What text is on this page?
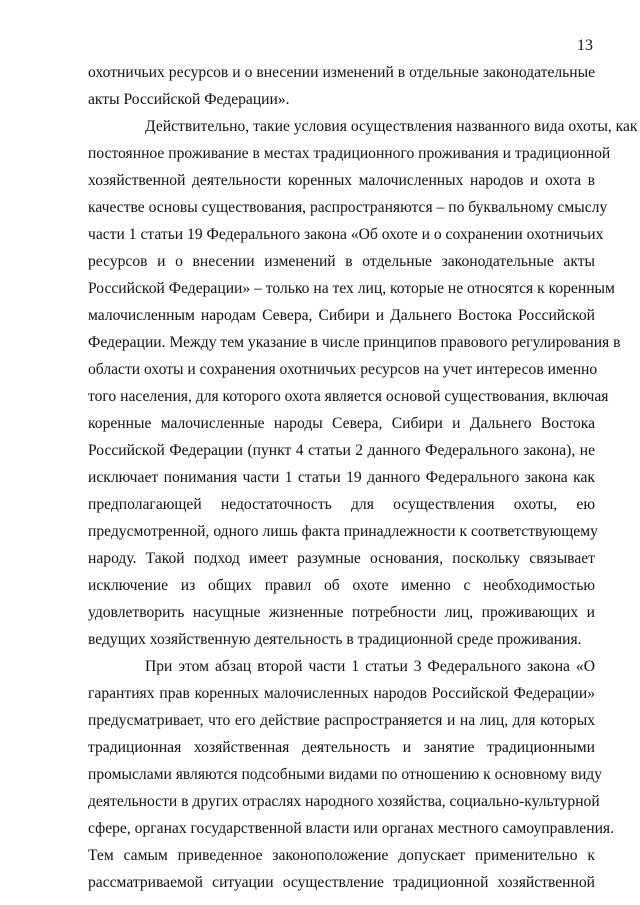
13
охотничьих ресурсов и о внесении изменений в отдельные законодательные
акты Российской Федерации».
Действительно, такие условия осуществления названного вида охоты, как
постоянное проживание в местах традиционного проживания и традиционной
хозяйственной деятельности коренных малочисленных народов и охота в
качестве основы существования, распространяются – по буквальному смыслу
части 1 статьи 19 Федерального закона «Об охоте и о сохранении охотничьих
ресурсов и о внесении изменений в отдельные законодательные акты
Российской Федерации» – только на тех лиц, которые не относятся к коренным
малочисленным народам Севера, Сибири и Дальнего Востока Российской
Федерации. Между тем указание в числе принципов правового регулирования в
области охоты и сохранения охотничьих ресурсов на учет интересов именно
того населения, для которого охота является основой существования, включая
коренные малочисленные народы Севера, Сибири и Дальнего Востока
Российской Федерации (пункт 4 статьи 2 данного Федерального закона), не
исключает понимания части 1 статьи 19 данного Федерального закона как
предполагающей недостаточность для осуществления охоты, ею
предусмотренной, одного лишь факта принадлежности к соответствующему
народу. Такой подход имеет разумные основания, поскольку связывает
исключение из общих правил об охоте именно с необходимостью
удовлетворить насущные жизненные потребности лиц, проживающих и
ведущих хозяйственную деятельность в традиционной среде проживания.
При этом абзац второй части 1 статьи 3 Федерального закона «О
гарантиях прав коренных малочисленных народов Российской Федерации»
предусматривает, что его действие распространяется и на лиц, для которых
традиционная хозяйственная деятельность и занятие традиционными
промыслами являются подсобными видами по отношению к основному виду
деятельности в других отраслях народного хозяйства, социально-культурной
сфере, органах государственной власти или органах местного самоуправления.
Тем самым приведенное законоположение допускает применительно к
рассматриваемой ситуации осуществление традиционной хозяйственной
